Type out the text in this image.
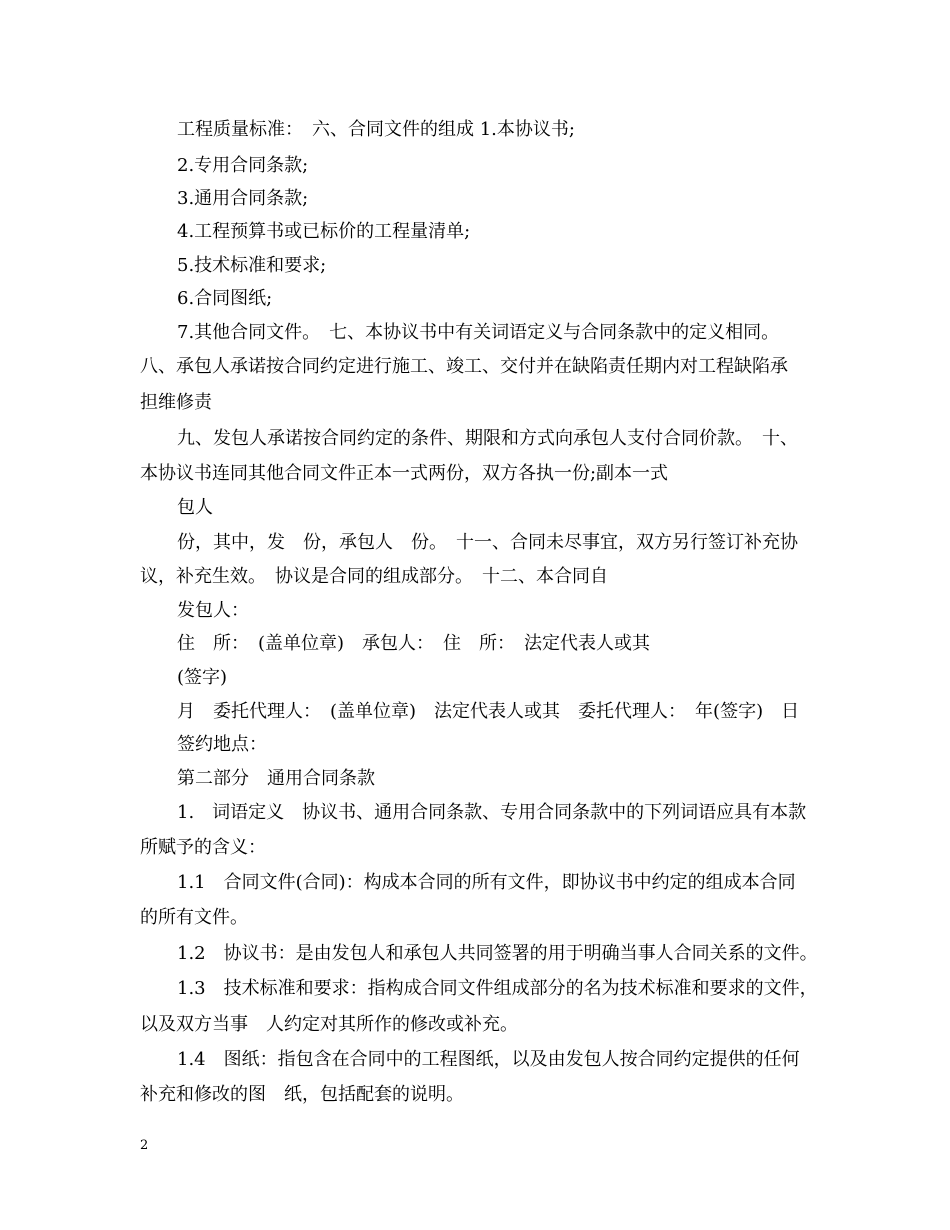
工程质量标准：　六、合同文件的组成 1.本协议书;
2.专用合同条款;
3.通用合同条款;
4.工程预算书或已标价的工程量清单;
5.技术标准和要求;
6.合同图纸;
7.其他合同文件。　七、本协议书中有关词语定义与合同条款中的定义相同。
八、承包人承诺按合同约定进行施工、竣工、交付并在缺陷责任期内对工程缺陷承
担维修责
九、发包人承诺按合同约定的条件、期限和方式向承包人支付合同价款。　十、
本协议书连同其他合同文件正本一式两份，双方各执一份;副本一式
包人
份，其中，发　份，承包人　份。　十一、合同未尽事宜，双方另行签订补充协
议，补充生效。　协议是合同的组成部分。　十二、本合同自
发包人：
住　所：　(盖单位章)　承包人：　住　所：　法定代表人或其
(签字)
月　委托代理人：　(盖单位章)　法定代表人或其　委托代理人：　年(签字)　日
签约地点：
第二部分　通用合同条款
1.　词语定义　协议书、通用合同条款、专用合同条款中的下列词语应具有本款
所赋予的含义：
1.1　合同文件(合同)：构成本合同的所有文件，即协议书中约定的组成本合同
的所有文件。
1.2　协议书：是由发包人和承包人共同签署的用于明确当事人合同关系的文件。
1.3　技术标准和要求：指构成合同文件组成部分的名为技术标准和要求的文件，
以及双方当事　人约定对其所作的修改或补充。
1.4　图纸：指包含在合同中的工程图纸，以及由发包人按合同约定提供的任何
补充和修改的图　纸，包括配套的说明。
2
